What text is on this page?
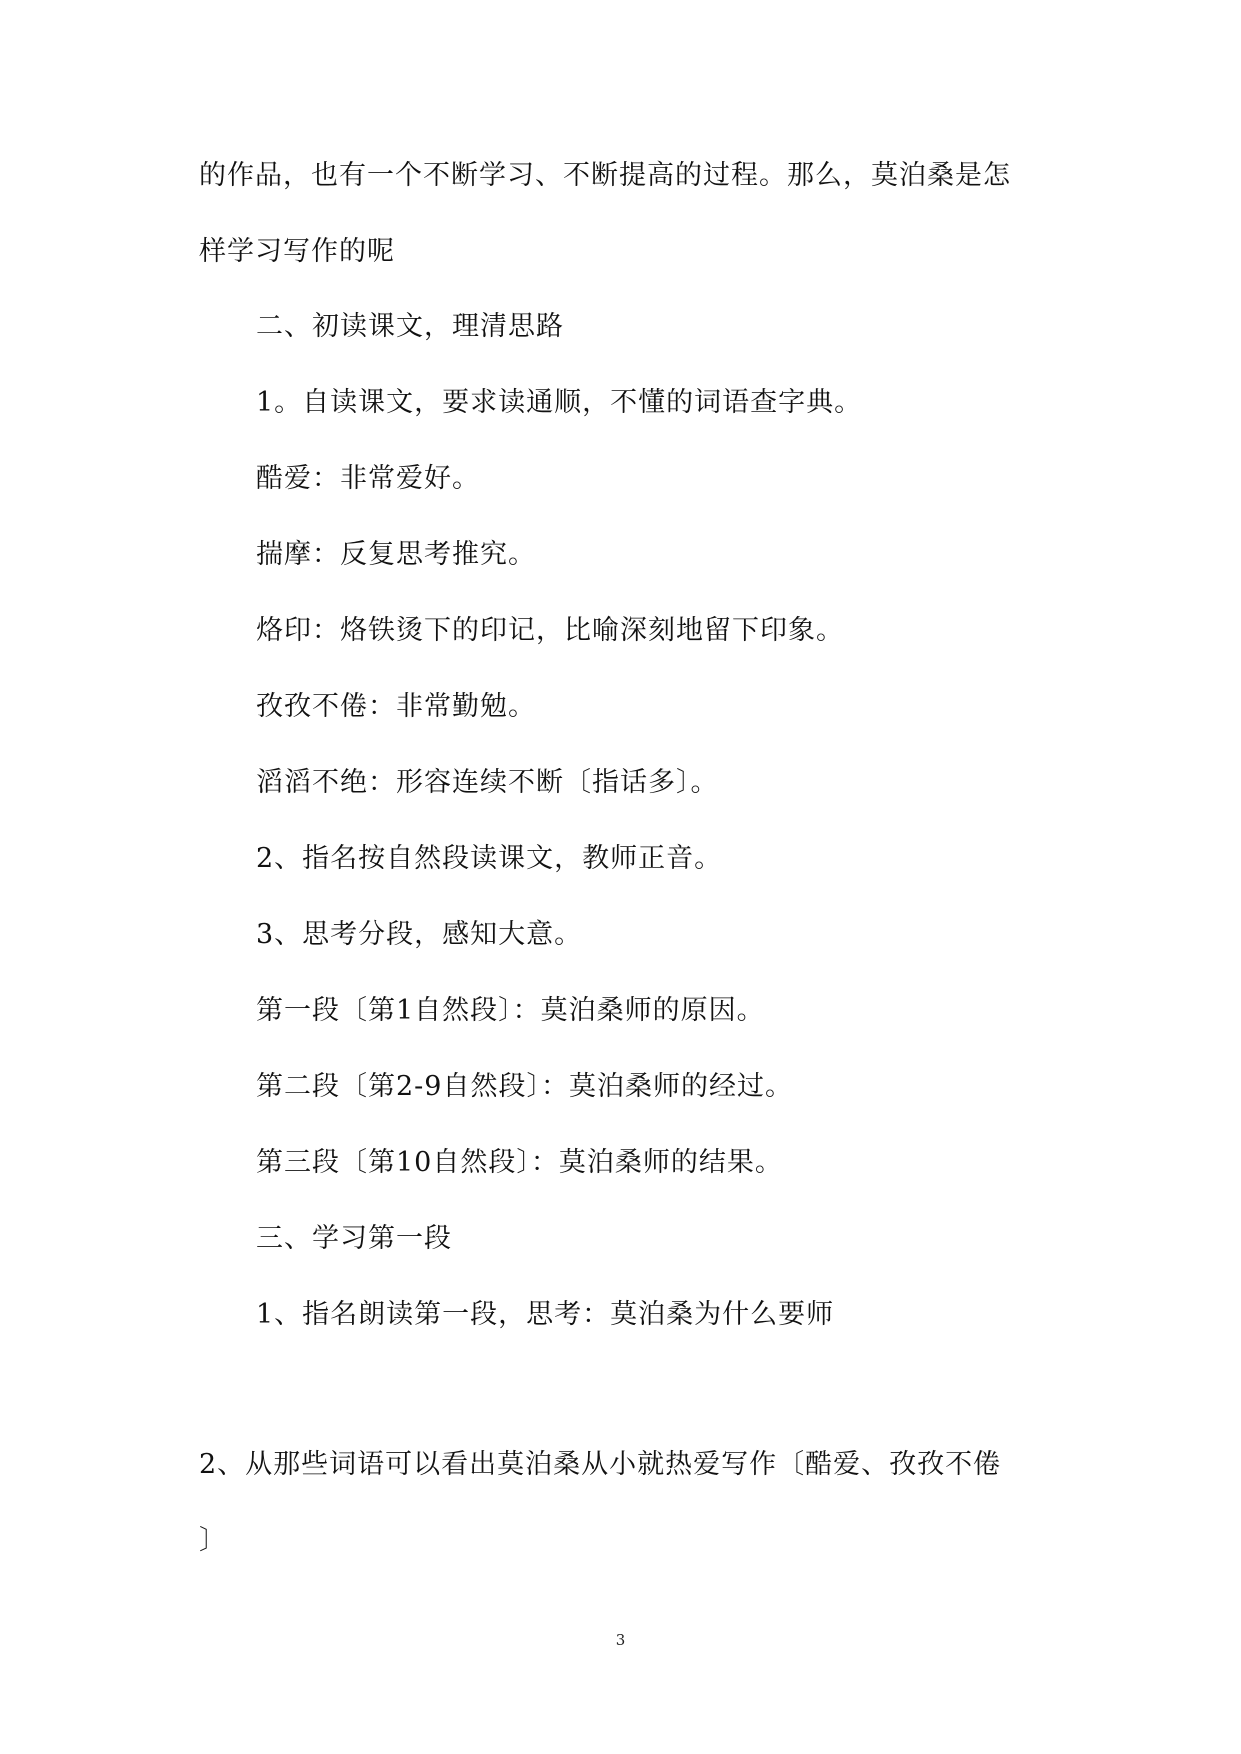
的作品，也有一个不断学习、不断提高的过程。那么，莫泊桑是怎
样学习写作的呢
二、初读课文，理清思路
1。自读课文，要求读通顺，不懂的词语查字典。
酷爱：非常爱好。
揣摩：反复思考推究。
烙印：烙铁烫下的印记，比喻深刻地留下印象。
孜孜不倦：非常勤勉。
滔滔不绝：形容连续不断〔指话多〕。
2、指名按自然段读课文，教师正音。
3、思考分段，感知大意。
第一段〔第1自然段〕：莫泊桑师的原因。
第二段〔第2-9自然段〕：莫泊桑师的经过。
第三段〔第10自然段〕：莫泊桑师的结果。
三、学习第一段
1、指名朗读第一段，思考：莫泊桑为什么要师
2、从那些词语可以看出莫泊桑从小就热爱写作〔酷爱、孜孜不倦
〕
3
